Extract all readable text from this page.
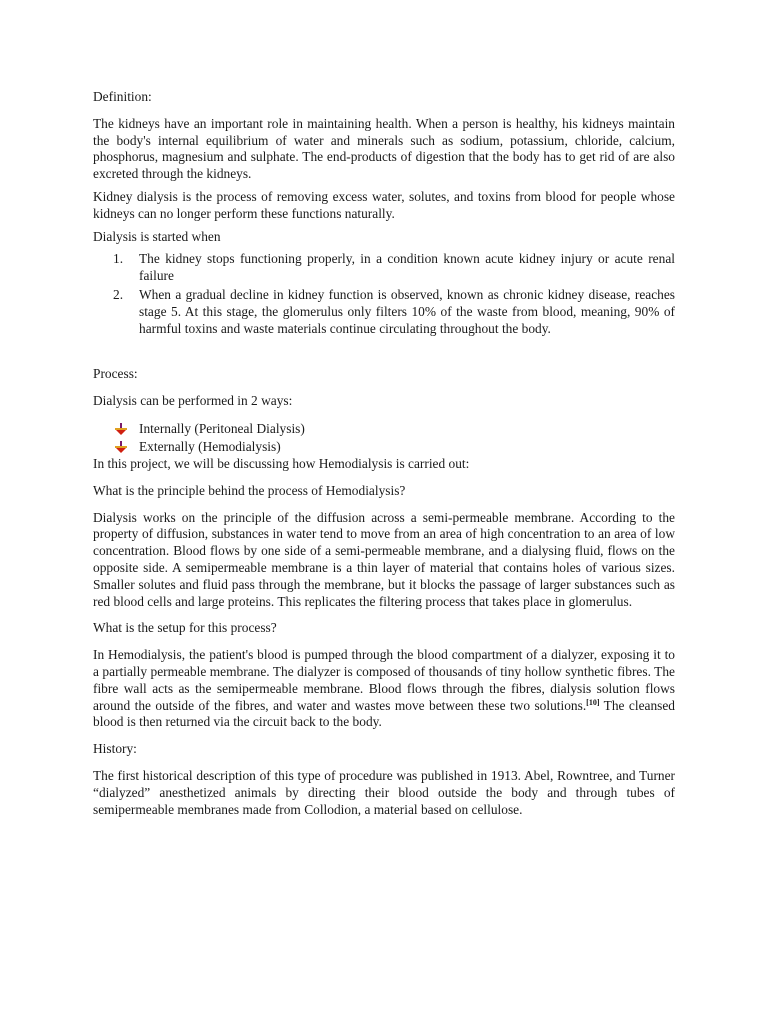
Definition:

The kidneys have an important role in maintaining health. When a person is healthy, his kidneys maintain the body's internal equilibrium of water and minerals such as sodium, potassium, chloride, calcium, phosphorus, magnesium and sulphate. The end-products of digestion that the body has to get rid of are also excreted through the kidneys.

Kidney dialysis is the process of removing excess water, solutes, and toxins from blood for people whose kidneys can no longer perform these functions naturally.

Dialysis is started when

1. The kidney stops functioning properly, in a condition known acute kidney injury or acute renal failure
2. When a gradual decline in kidney function is observed, known as chronic kidney disease, reaches stage 5. At this stage, the glomerulus only filters 10% of the waste from blood, meaning, 90% of harmful toxins and waste materials continue circulating throughout the body.

Process:

Dialysis can be performed in 2 ways:

Internally (Peritoneal Dialysis)
Externally (Hemodialysis)

In this project, we will be discussing how Hemodialysis is carried out:

What is the principle behind the process of Hemodialysis?

Dialysis works on the principle of the diffusion across a semi-permeable membrane. According to the property of diffusion, substances in water tend to move from an area of high concentration to an area of low concentration. Blood flows by one side of a semi-permeable membrane, and a dialysing fluid, flows on the opposite side. A semipermeable membrane is a thin layer of material that contains holes of various sizes. Smaller solutes and fluid pass through the membrane, but it blocks the passage of larger substances such as red blood cells and large proteins. This replicates the filtering process that takes place in glomerulus.

What is the setup for this process?

In Hemodialysis, the patient's blood is pumped through the blood compartment of a dialyzer, exposing it to a partially permeable membrane. The dialyzer is composed of thousands of tiny hollow synthetic fibres. The fibre wall acts as the semipermeable membrane. Blood flows through the fibres, dialysis solution flows around the outside of the fibres, and water and wastes move between these two solutions.[10] The cleansed blood is then returned via the circuit back to the body.

History:

The first historical description of this type of procedure was published in 1913. Abel, Rowntree, and Turner “dialyzed” anesthetized animals by directing their blood outside the body and through tubes of semipermeable membranes made from Collodion, a material based on cellulose.
